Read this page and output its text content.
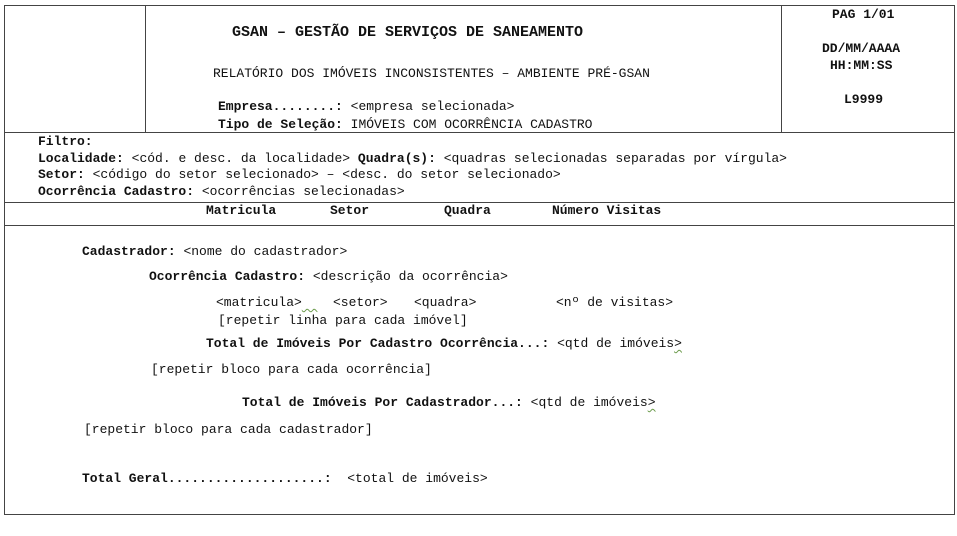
GSAN – GESTÃO DE SERVIÇOS DE SANEAMENTO
RELATÓRIO DOS IMÓVEIS INCONSISTENTES – AMBIENTE PRÉ-GSAN
Empresa........: <empresa selecionada>
Tipo de Seleção: IMÓVEIS COM OCORRÊNCIA CADASTRO
PAG 1/01
DD/MM/AAAA
HH:MM:SS
L9999
Filtro:
Localidade: <cód. e desc. da localidade> Quadra(s): <quadras selecionadas separadas por vírgula>
Setor: <código do setor selecionado> – <desc. do setor selecionado>
Ocorrência Cadastro: <ocorrências selecionadas>
Matricula	Setor	Quadra	Número Visitas
Cadastrador: <nome do cadastrador>
Ocorrência Cadastro: <descrição da ocorrência>
<matricula>	<setor> <quadra>	<nº de visitas>
[repetir linha para cada imóvel]
Total de Imóveis Por Cadastro Ocorrência...: <qtd de imóveis>
[repetir bloco para cada ocorrência]
Total de Imóveis Por Cadastrador...: <qtd de imóveis>
[repetir bloco para cada cadastrador]
Total Geral....................: <total de imóveis>
